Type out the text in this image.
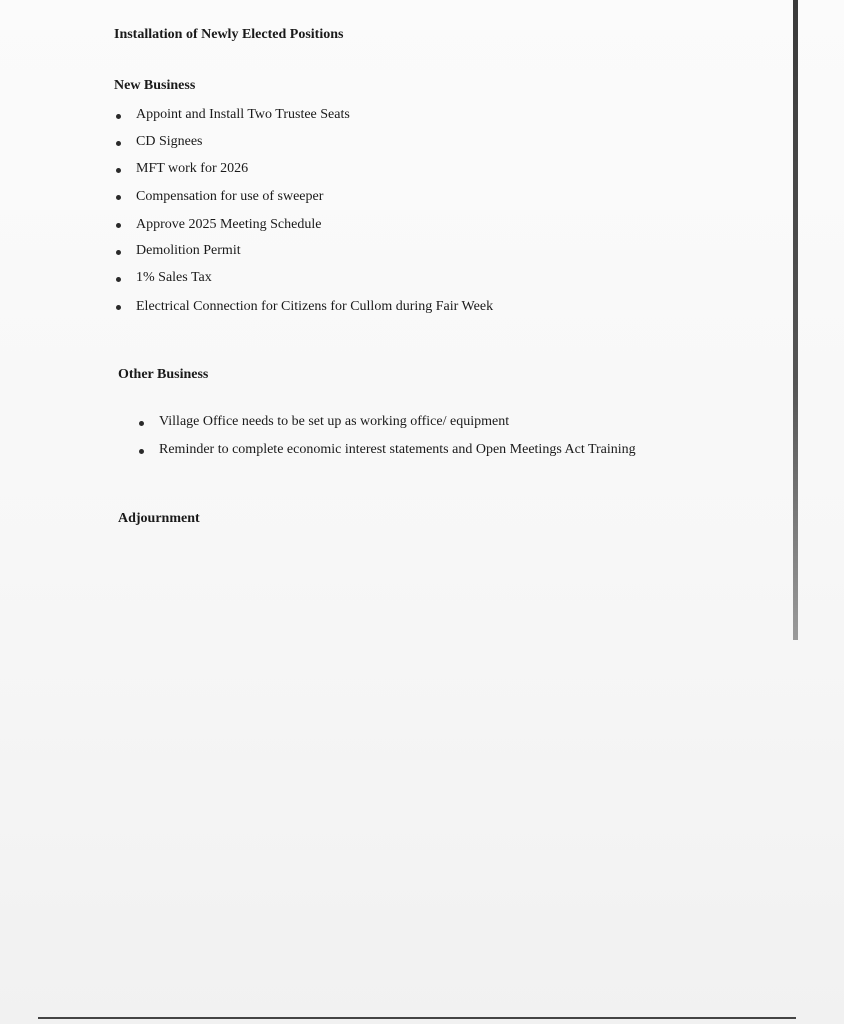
Installation of Newly Elected Positions
New Business
Appoint and Install Two Trustee Seats
CD Signees
MFT work for 2026
Compensation for use of sweeper
Approve 2025 Meeting Schedule
Demolition Permit
1% Sales Tax
Electrical Connection for Citizens for Cullom during Fair Week
Other Business
Village Office needs to be set up as working office/ equipment
Reminder to complete economic interest statements and Open Meetings Act Training
Adjournment
